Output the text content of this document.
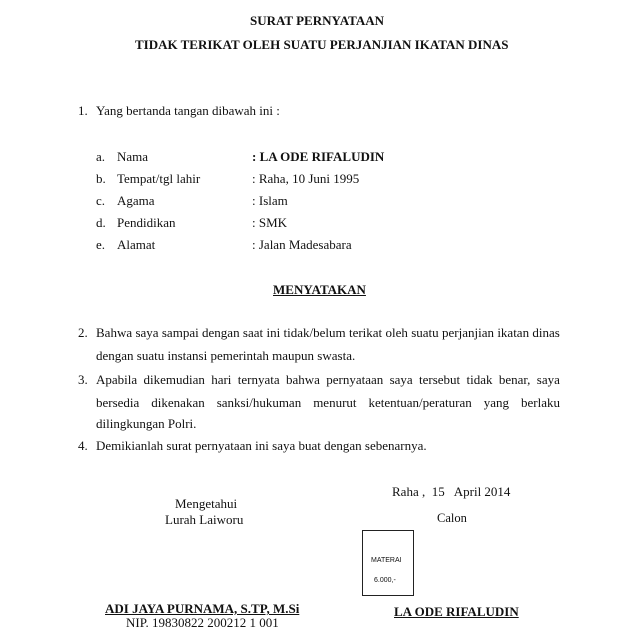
SURAT PERNYATAAN
TIDAK TERIKAT OLEH SUATU PERJANJIAN IKATAN DINAS
1. Yang bertanda tangan dibawah ini :
a. Nama	: LA ODE RIFALUDIN
b. Tempat/tgl lahir	: Raha, 10 Juni 1995
c. Agama	: Islam
d. Pendidikan	: SMK
e. Alamat	: Jalan Madesabara
MENYATAKAN
2. Bahwa saya sampai dengan saat ini tidak/belum terikat oleh suatu perjanjian ikatan dinas
dengan suatu instansi pemerintah maupun swasta.
3. Apabila dikemudian hari ternyata bahwa pernyataan saya tersebut tidak benar, saya
bersedia dikenakan sanksi/hukuman menurut ketentuan/peraturan yang berlaku
dilingkungan Polri.
4. Demikianlah surat pernyataan ini saya buat dengan sebenarnya.
Raha ,  15   April 2014
Mengetahui
Lurah Laiworu
ADI JAYA PURNAMA, S.TP, M.Si
NIP. 19830822 200212 1 001
Calon
LA ODE RIFALUDIN
MATERAI
6.000,-
